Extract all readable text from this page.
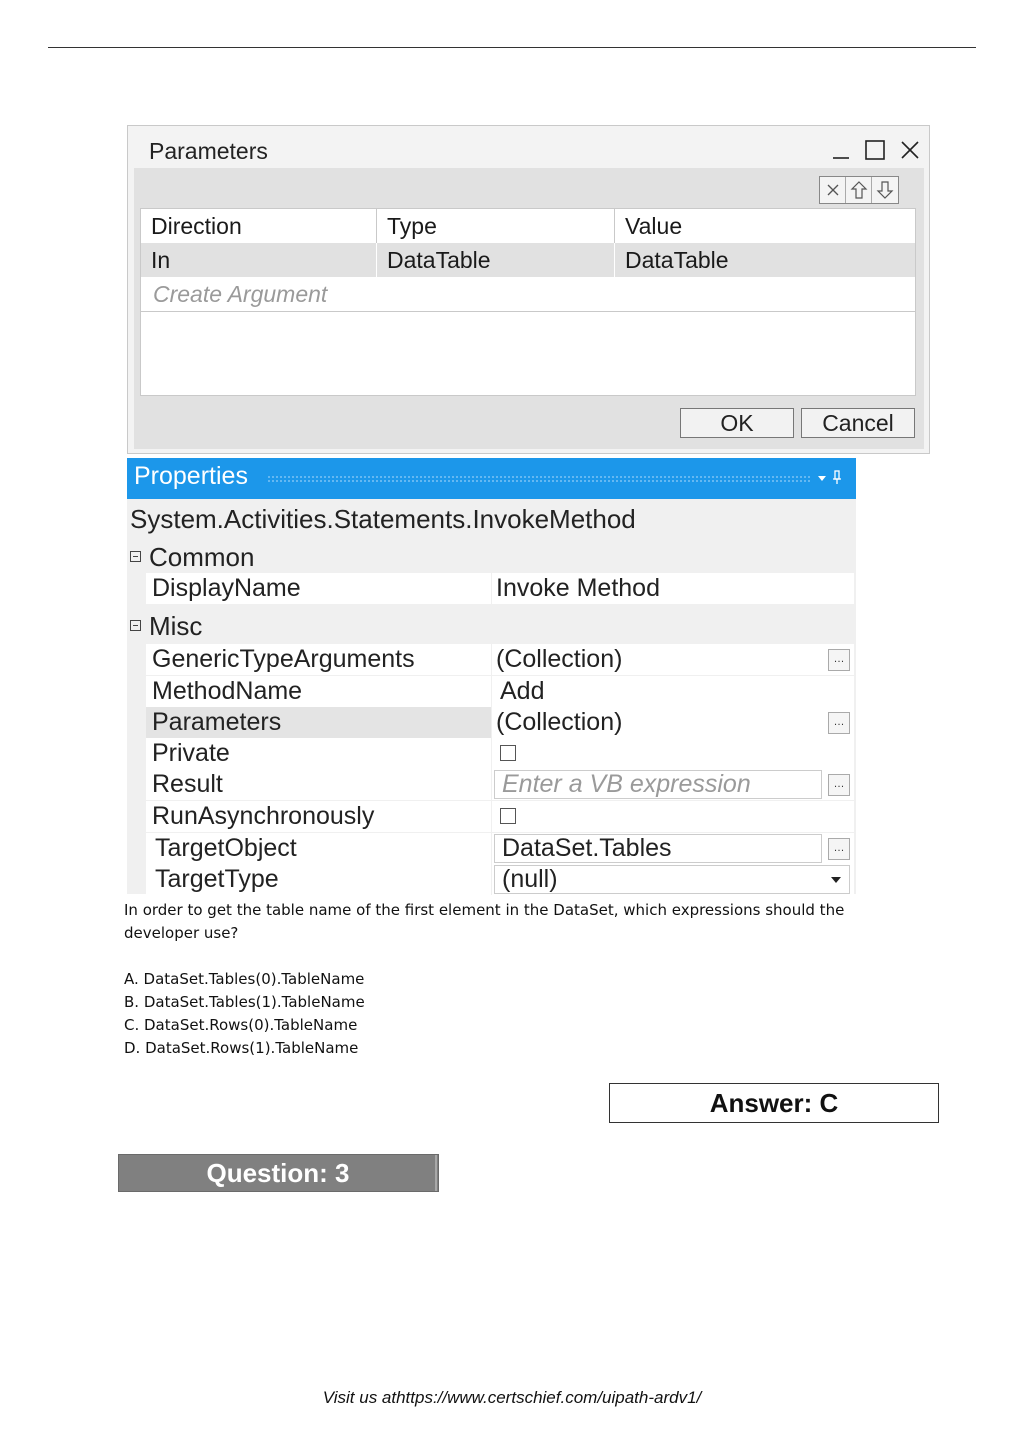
Parameters
Direction	Type	Value
In	DataTable	DataTable
Create Argument
OK	Cancel
Properties
System.Activities.Statements.InvokeMethod
Common
DisplayName	Invoke Method
Misc
GenericTypeArguments	(Collection)	…
MethodName	Add
Parameters	(Collection)	…
Private
Result	Enter a VB expression	…
RunAsynchronously
TargetObject	DataSet.Tables	…
TargetType	(null)
In order to get the table name of the first element in the DataSet, which expressions should the developer use?
A. DataSet.Tables(0).TableName
B. DataSet.Tables(1).TableName
C. DataSet.Rows(0).TableName
D. DataSet.Rows(1).TableName
Answer: C
Question: 3
Visit us athttps://www.certschief.com/uipath-ardv1/
